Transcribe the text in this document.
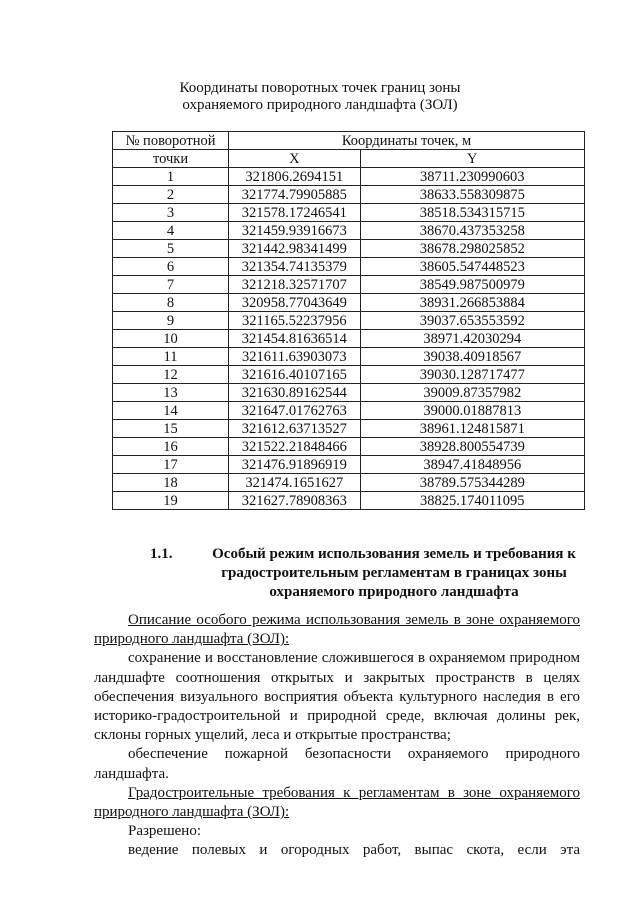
Координаты поворотных точек границ зоны
охраняемого природного ландшафта (ЗОЛ)
№ поворотной	Координаты точек, м	
точки	X	Y
1	321806.2694151	38711.230990603
2	321774.79905885	38633.558309875
3	321578.17246541	38518.534315715
4	321459.93916673	38670.437353258
5	321442.98341499	38678.298025852
6	321354.74135379	38605.547448523
7	321218.32571707	38549.987500979
8	320958.77043649	38931.266853884
9	321165.52237956	39037.653553592
10	321454.81636514	38971.42030294
11	321611.63903073	39038.40918567
12	321616.40107165	39030.128717477
13	321630.89162544	39009.87357982
14	321647.01762763	39000.01887813
15	321612.63713527	38961.124815871
16	321522.21848466	38928.800554739
17	321476.91896919	38947.41848956
18	321474.1651627	38789.575344289
19	321627.78908363	38825.174011095
1.1.	Особый режим использования земель и требования к
градостроительным регламентам в границах зоны
охраняемого природного ландшафта

Описание особого режима использования земель в зоне охраняемого природного ландшафта (ЗОЛ):

сохранение и восстановление сложившегося в охраняемом природном ландшафте соотношения открытых и закрытых пространств в целях обеспечения визуального восприятия объекта культурного наследия в его историко-градостроительной и природной среде, включая долины рек, склоны горных ущелий, леса и открытые пространства;

обеспечение пожарной безопасности охраняемого природного ландшафта.

Градостроительные требования к регламентам в зоне охраняемого природного ландшафта (ЗОЛ):

Разрешено:

ведение полевых и огородных работ, выпас скота, если эта
